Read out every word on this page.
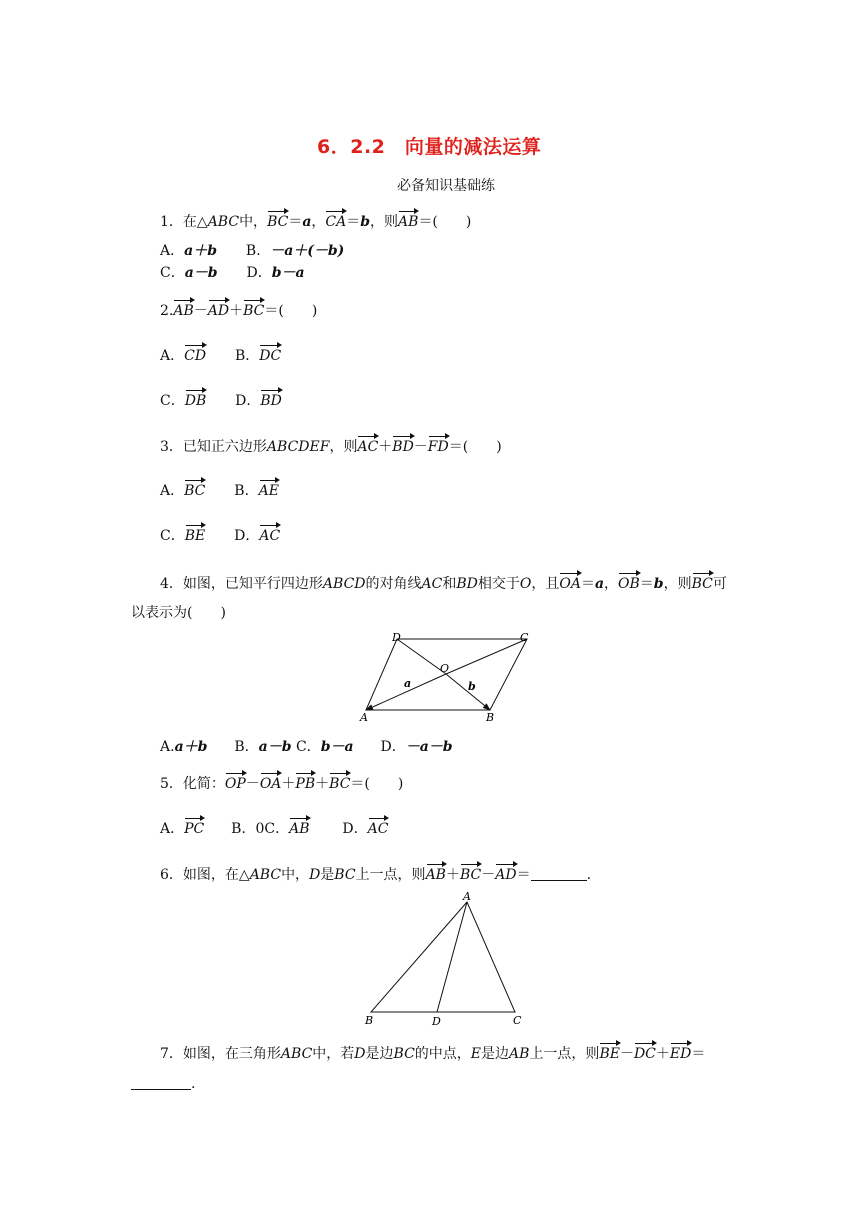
6．2.2　向量的减法运算
必备知识基础练
1．在△ABC中，BC＝a，CA＝b，则AB＝(　　)
A．a＋b B．－a＋(－b)
C．a－b D．b－a
2.AB－AD＋BC＝(　　)
A．CD B．DC
C．DB D．BD
3．已知正六边形ABCDEF，则AC＋BD－FD＝(　　)
A．BC B．AE
C．BE D．AC
4．如图，已知平行四边形ABCD的对角线AC和BD相交于O，且OA＝a，OB＝b，则BC可
以表示为(　　)
D	C
O
A	B
a	b
A.a＋b B．a－b C．b－a D．－a－b
5．化简：OP－OA＋PB＋BC＝(　　)
A．PC B．0C．AB D．AC
6．如图，在△ABC中，D是BC上一点，则AB＋BC－AD＝	.
A
B	D	C
7．如图，在三角形ABC中，若D是边BC的中点，E是边AB上一点，则BE－DC＋ED＝
.
